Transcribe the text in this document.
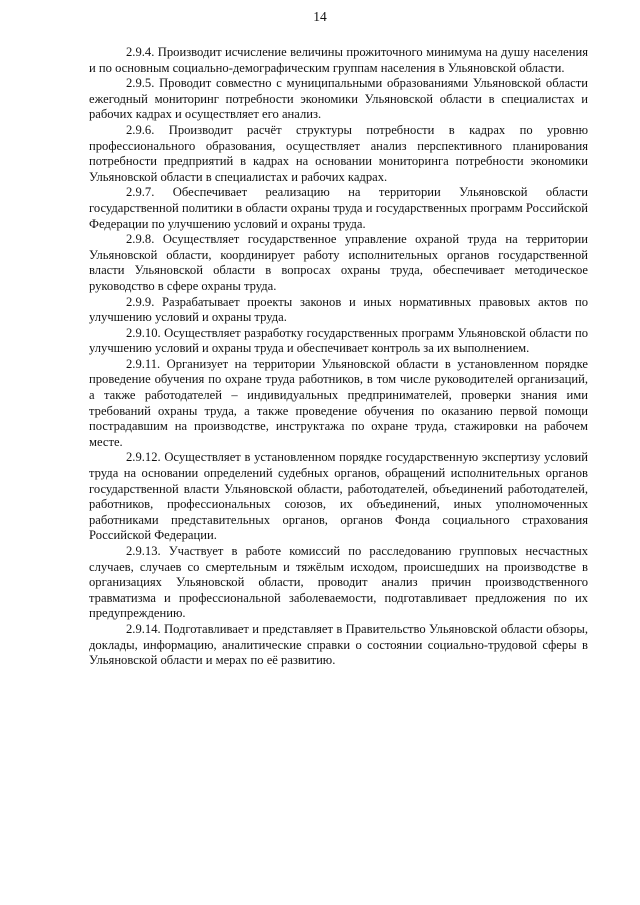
14

2.9.4. Производит исчисление величины прожиточного минимума на душу населения и по основным социально-демографическим группам населения в Ульяновской области.

2.9.5. Проводит совместно с муниципальными образованиями Ульяновской области ежегодный мониторинг потребности экономики Ульяновской области в специалистах и рабочих кадрах и осуществляет его анализ.

2.9.6. Производит расчёт структуры потребности в кадрах по уровню профессионального образования, осуществляет анализ перспективного планирования потребности предприятий в кадрах на основании мониторинга потребности экономики Ульяновской области в специалистах и рабочих кадрах.

2.9.7. Обеспечивает реализацию на территории Ульяновской области государственной политики в области охраны труда и государственных программ Российской Федерации по улучшению условий и охраны труда.

2.9.8. Осуществляет государственное управление охраной труда на территории Ульяновской области, координирует работу исполнительных органов государственной власти Ульяновской области в вопросах охраны труда, обеспечивает методическое руководство в сфере охраны труда.

2.9.9. Разрабатывает проекты законов и иных нормативных правовых актов по улучшению условий и охраны труда.

2.9.10. Осуществляет разработку государственных программ Ульяновской области по улучшению условий и охраны труда и обеспечивает контроль за их выполнением.

2.9.11. Организует на территории Ульяновской области в установленном порядке проведение обучения по охране труда работников, в том числе руководителей организаций, а также работодателей – индивидуальных предпринимателей, проверки знания ими требований охраны труда, а также проведение обучения по оказанию первой помощи пострадавшим на производстве, инструктажа по охране труда, стажировки на рабочем месте.

2.9.12. Осуществляет в установленном порядке государственную экспертизу условий труда на основании определений судебных органов, обращений исполнительных органов государственной власти Ульяновской области, работодателей, объединений работодателей, работников, профессиональных союзов, их объединений, иных уполномоченных работниками представительных органов, органов Фонда социального страхования Российской Федерации.

2.9.13. Участвует в работе комиссий по расследованию групповых несчастных случаев, случаев со смертельным и тяжёлым исходом, происшедших на производстве в организациях Ульяновской области, проводит анализ причин производственного травматизма и профессиональной заболеваемости, подготавливает предложения по их предупреждению.

2.9.14. Подготавливает и представляет в Правительство Ульяновской области обзоры, доклады, информацию, аналитические справки о состоянии социально-трудовой сферы в Ульяновской области и мерах по её развитию.
